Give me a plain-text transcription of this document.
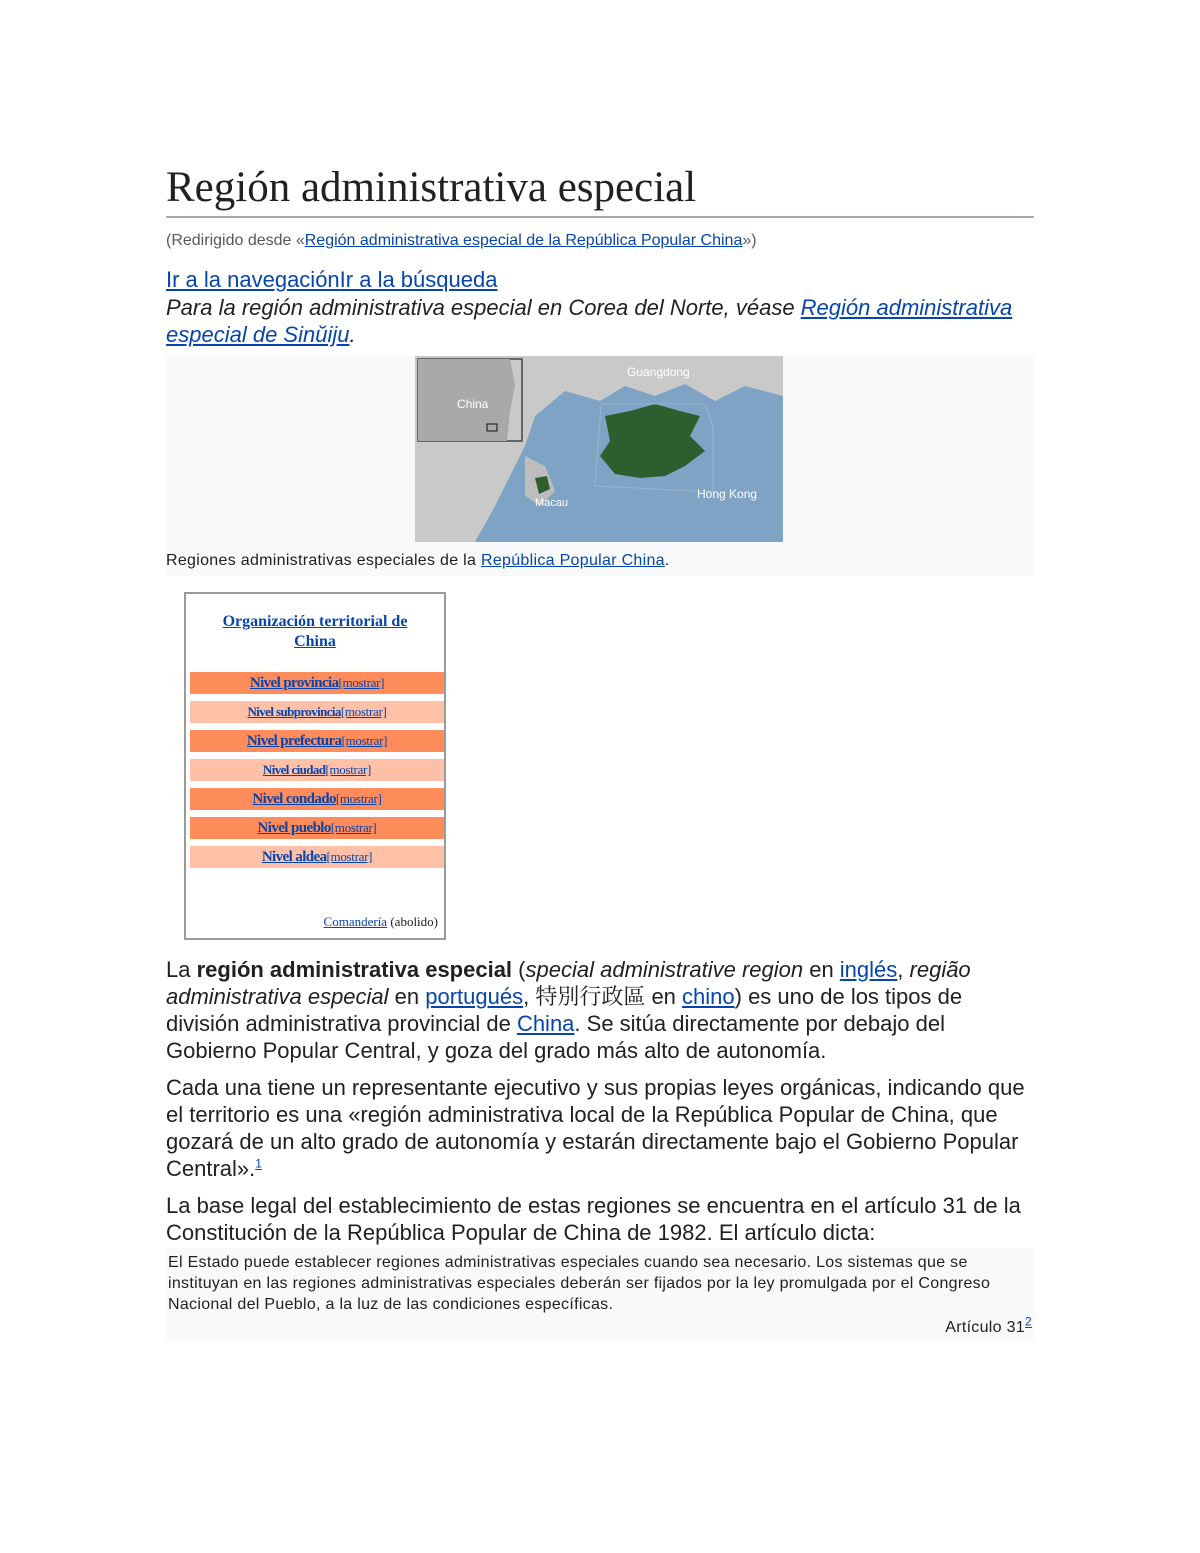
Región administrativa especial
(Redirigido desde «Región administrativa especial de la República Popular China»)
Ir a la navegaciónIr a la búsqueda
Para la región administrativa especial en Corea del Norte, véase Región administrativa especial de Sinŭiju.
China
Guangdong
Macau
Hong Kong
Regiones administrativas especiales de la República Popular China.
Organización territorial de China
Nivel provincia[mostrar]
Nivel subprovincia[mostrar]
Nivel prefectura[mostrar]
Nivel ciudad[mostrar]
Nivel condado[mostrar]
Nivel pueblo[mostrar]
Nivel aldea[mostrar]
Comandería (abolido)

La región administrativa especial (special administrative region en inglés, região administrativa especial en portugués, 特別行政區 en chino) es uno de los tipos de división administrativa provincial de China. Se sitúa directamente por debajo del Gobierno Popular Central, y goza del grado más alto de autonomía.

Cada una tiene un representante ejecutivo y sus propias leyes orgánicas, indicando que el territorio es una «región administrativa local de la República Popular de China, que gozará de un alto grado de autonomía y estarán directamente bajo el Gobierno Popular Central».$^1$

La base legal del establecimiento de estas regiones se encuentra en el artículo 31 de la Constitución de la República Popular de China de 1982. El artículo dicta:

El Estado puede establecer regiones administrativas especiales cuando sea necesario. Los sistemas que se instituyan en las regiones administrativas especiales deberán ser fijados por la ley promulgada por el Congreso Nacional del Pueblo, a la luz de las condiciones específicas.
Artículo $31^2$
